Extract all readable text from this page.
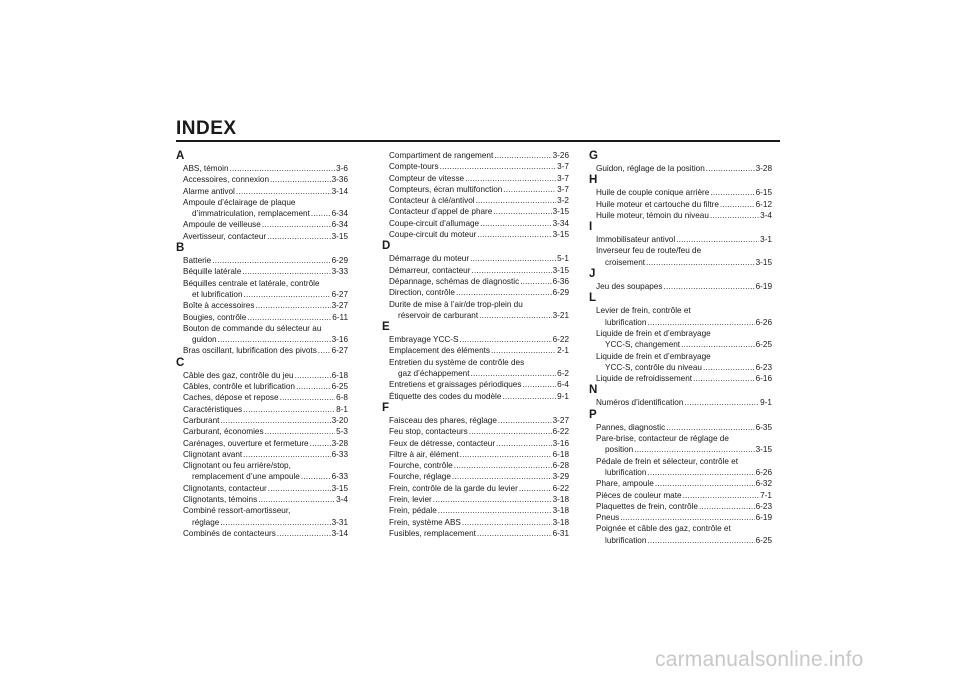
INDEX
A
ABS, témoin .....	3-6
Accessoires, connexion .....	3-36
Alarme antivol .....	3-14
Ampoule d’éclairage de plaque
d’immatriculation, remplacement .....	6-34
Ampoule de veilleuse .....	6-34
Avertisseur, contacteur .....	3-15
B
Batterie .....	6-29
Béquille latérale .....	3-33
Béquilles centrale et latérale, contrôle
et lubrification .....	6-27
Boîte à accessoires .....	3-27
Bougies, contrôle .....	6-11
Bouton de commande du sélecteur au
guidon .....	3-16
Bras oscillant, lubrification des pivots ..... 6-27
C
Câble des gaz, contrôle du jeu .....	6-18
Câbles, contrôle et lubrification .....	6-25
Caches, dépose et repose .....	6-8
Caractéristiques .....	8-1
Carburant .....	3-20
Carburant, économies .....	5-3
Carénages, ouverture et fermeture .....	3-28
Clignotant avant .....	6-33
Clignotant ou feu arrière/stop,
remplacement d’une ampoule .....	6-33
Clignotants, contacteur .....	3-15
Clignotants, témoins .....	3-4
Combiné ressort-amortisseur,
réglage .....	3-31
Combinés de contacteurs .....	3-14
Compartiment de rangement .....	3-26
Compte-tours .....	3-7
Compteur de vitesse .....	3-7
Compteurs, écran multifonction .....	3-7
Contacteur à clé/antivol .....	3-2
Contacteur d’appel de phare .....	3-15
Coupe-circuit d’allumage .....	3-34
Coupe-circuit du moteur .....	3-15
D
Démarrage du moteur .....	5-1
Démarreur, contacteur .....	3-15
Dépannage, schémas de diagnostic .....	6-36
Direction, contrôle .....	6-29
Durite de mise à l’air/de trop-plein du
réservoir de carburant .....	3-21
E
Embrayage YCC-S .....	6-22
Emplacement des éléments .....	2-1
Entretien du système de contrôle des
gaz d’échappement .....	6-2
Entretiens et graissages périodiques .....	6-4
Étiquette des codes du modèle .....	9-1
F
Faisceau des phares, réglage .....	3-27
Feu stop, contacteurs .....	6-22
Feux de détresse, contacteur .....	3-16
Filtre à air, élément .....	6-18
Fourche, contrôle .....	6-28
Fourche, réglage .....	3-29
Frein, contrôle de la garde du levier .....	6-22
Frein, levier .....	3-18
Frein, pédale .....	3-18
Frein, système ABS .....	3-18
Fusibles, remplacement .....	6-31
G
Guidon, réglage de la position .....	3-28
H
Huile de couple conique arrière .....	6-15
Huile moteur et cartouche du filtre .....	6-12
Huile moteur, témoin du niveau .....	3-4
I
Immobilisateur antivol .....	3-1
Inverseur feu de route/feu de
croisement .....	3-15
J
Jeu des soupapes .....	6-19
L
Levier de frein, contrôle et
lubrification .....	6-26
Liquide de frein et d’embrayage
YCC-S, changement .....	6-25
Liquide de frein et d’embrayage
YCC-S, contrôle du niveau .....	6-23
Liquide de refroidissement .....	6-16
N
Numéros d’identification .....	9-1
P
Pannes, diagnostic .....	6-35
Pare-brise, contacteur de réglage de
position .....	3-15
Pédale de frein et sélecteur, contrôle et
lubrification .....	6-26
Phare, ampoule .....	6-32
Pièces de couleur mate .....	7-1
Plaquettes de frein, contrôle .....	6-23
Pneus .....	6-19
Poignée et câble des gaz, contrôle et
lubrification .....	6-25
carmanualsonline.info
